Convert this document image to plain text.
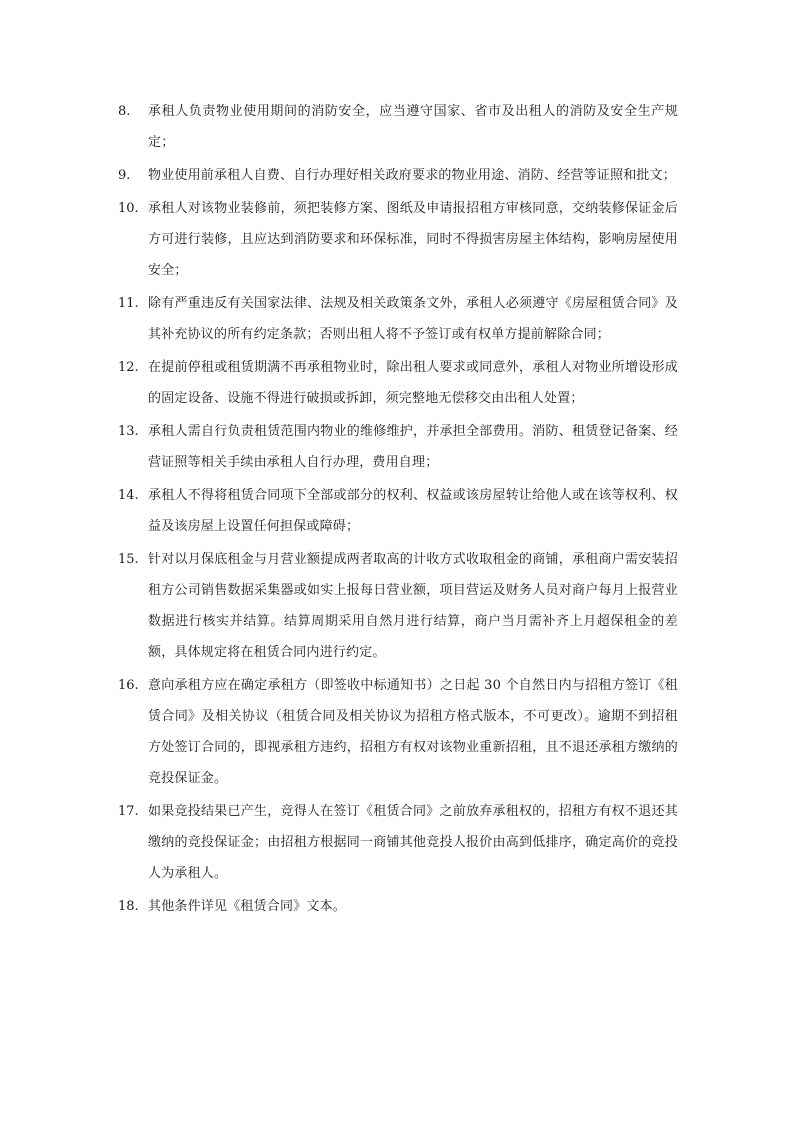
8. 承租人负责物业使用期间的消防安全，应当遵守国家、省市及出租人的消防及安全生产规定；
9. 物业使用前承租人自费、自行办理好相关政府要求的物业用途、消防、经营等证照和批文；
10. 承租人对该物业装修前，须把装修方案、图纸及申请报招租方审核同意，交纳装修保证金后方可进行装修，且应达到消防要求和环保标准，同时不得损害房屋主体结构，影响房屋使用安全；
11. 除有严重违反有关国家法律、法规及相关政策条文外，承租人必须遵守《房屋租赁合同》及其补充协议的所有约定条款；否则出租人将不予签订或有权单方提前解除合同；
12. 在提前停租或租赁期满不再承租物业时，除出租人要求或同意外，承租人对物业所增设形成的固定设备、设施不得进行破损或拆卸，须完整地无偿移交由出租人处置；
13. 承租人需自行负责租赁范围内物业的维修维护，并承担全部费用。消防、租赁登记备案、经营证照等相关手续由承租人自行办理，费用自理；
14. 承租人不得将租赁合同项下全部或部分的权利、权益或该房屋转让给他人或在该等权利、权益及该房屋上设置任何担保或障碍；
15. 针对以月保底租金与月营业额提成两者取高的计收方式收取租金的商铺，承租商户需安装招租方公司销售数据采集器或如实上报每日营业额，项目营运及财务人员对商户每月上报营业数据进行核实并结算。结算周期采用自然月进行结算，商户当月需补齐上月超保租金的差额，具体规定将在租赁合同内进行约定。
16. 意向承租方应在确定承租方（即签收中标通知书）之日起 30 个自然日内与招租方签订《租赁合同》及相关协议（租赁合同及相关协议为招租方格式版本，不可更改）。逾期不到招租方处签订合同的，即视承租方违约，招租方有权对该物业重新招租，且不退还承租方缴纳的竞投保证金。
17. 如果竞投结果已产生，竞得人在签订《租赁合同》之前放弃承租权的，招租方有权不退还其缴纳的竞投保证金；由招租方根据同一商铺其他竞投人报价由高到低排序，确定高价的竞投人为承租人。
18. 其他条件详见《租赁合同》文本。
